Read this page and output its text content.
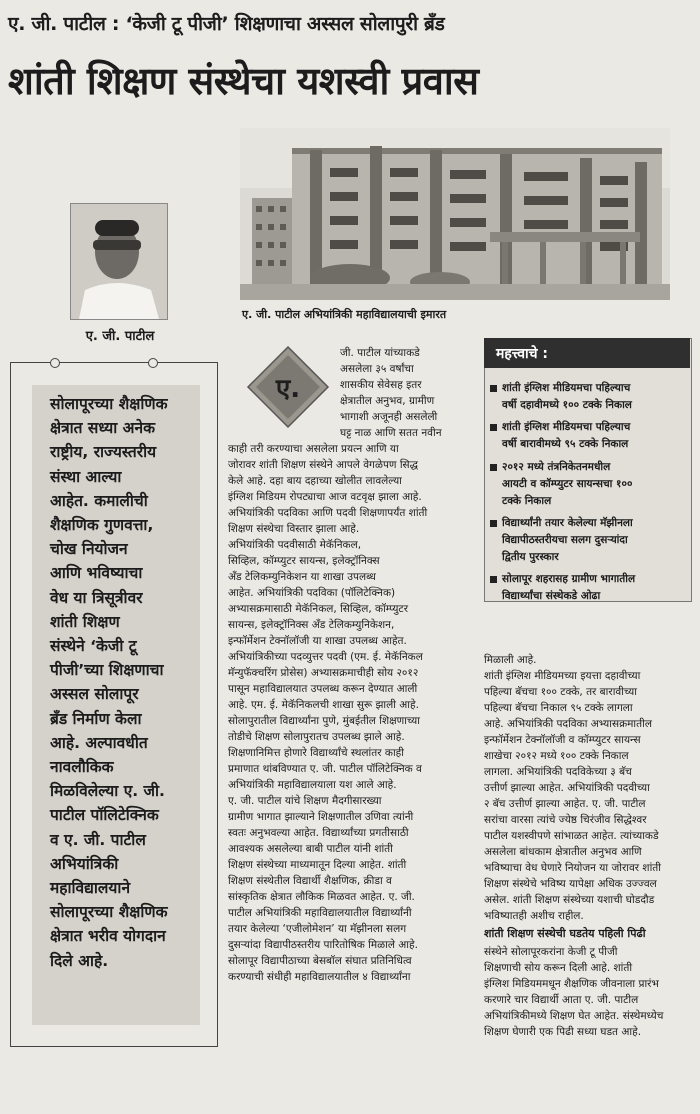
ए. जी. पाटील : ‘केजी टू पीजी’ शिक्षणाचा अस्सल सोलापुरी ब्रँड
शांती शिक्षण संस्थेचा यशस्वी प्रवास
ए. जी. पाटील अभियांत्रिकी महाविद्यालयाची इमारत
ए. जी. पाटील
सोलापूरच्या शैक्षणिक
क्षेत्रात सध्या अनेक
राष्ट्रीय, राज्यस्तरीय
संस्था आल्या
आहेत. कमालीची
शैक्षणिक गुणवत्ता,
चोख नियोजन
आणि भविष्याचा
वेध या त्रिसूत्रीवर
शांती शिक्षण
संस्थेने ‘केजी टू
पीजी’च्या शिक्षणाचा
अस्सल सोलापूर
ब्रँड निर्माण केला
आहे. अल्पावधीत
नावलौकिक
मिळविलेल्या ए. जी.
पाटील पॉलिटेक्निक
व ए. जी. पाटील
अभियांत्रिकी
महाविद्यालयाने
सोलापूरच्या शैक्षणिक
क्षेत्रात भरीव योगदान
दिले आहे.
ए.
जी. पाटील यांच्याकडे
असलेला ३५ वर्षांचा
शासकीय सेवेसह इतर
क्षेत्रातील अनुभव, ग्रामीण
भागाशी अजूनही असलेली
घट्ट नाळ आणि सतत नवीन
काही तरी करण्याचा असलेला प्रयत्न आणि या
जोरावर शांती शिक्षण संस्थेने आपले वेगळेपण सिद्ध
केले आहे. दहा बाय दहाच्या खोलीत लावलेल्या
इंग्लिश मिडियम रोपट्याचा आज वटवृक्ष झाला आहे.
अभियांत्रिकी पदविका आणि पदवी शिक्षणापर्यंत शांती
शिक्षण संस्थेचा विस्तार झाला आहे.
अभियांत्रिकी पदवीसाठी मेकॅनिकल,
सिव्हिल, कॉम्प्युटर सायन्स, इलेक्ट्रॉनिक्स
अँड टेलिकम्युनिकेशन या शाखा उपलब्ध
आहेत. अभियांत्रिकी पदविका (पॉलिटेक्निक)
अभ्यासक्रमासाठी मेकॅनिकल, सिव्हिल, कॉम्प्युटर
सायन्स, इलेक्ट्रॉनिक्स अँड टेलिकम्युनिकेशन,
इन्फॉर्मेशन टेक्नॉलॉजी या शाखा उपलब्ध आहेत.
अभियांत्रिकीच्या पदव्युत्तर पदवी (एम. ई. मेकॅनिकल
मॅन्युफॅक्चरिंग प्रोसेस) अभ्यासक्रमाचीही सोय २०१२
पासून महाविद्यालयात उपलब्ध करून देण्यात आली
आहे. एम. ई. मेकॅनिकलची शाखा सुरू झाली आहे.
सोलापुरातील विद्यार्थ्यांना पुणे, मुंबईतील शिक्षणाच्या
तोडीचे शिक्षण सोलापुरातच उपलब्ध झाले आहे.
शिक्षणानिमित्त होणारे विद्यार्थ्यांचे स्थलांतर काही
प्रमाणात थांबविण्यात ए. जी. पाटील पॉलिटेक्निक व
अभियांत्रिकी महाविद्यालयाला यश आले आहे.
ए. जी. पाटील यांचे शिक्षण मैदगीसारख्या
ग्रामीण भागात झाल्याने शिक्षणातील उणिवा त्यांनी
स्वतः अनुभवल्या आहेत. विद्यार्थ्यांच्या प्रगतीसाठी
आवश्यक असलेल्या बाबी पाटील यांनी शांती
शिक्षण संस्थेच्या माध्यमातून दिल्या आहेत. शांती
शिक्षण संस्थेतील विद्यार्थी शैक्षणिक, क्रीडा व
सांस्कृतिक क्षेत्रात लौकिक मिळवत आहेत. ए. जी.
पाटील अभियांत्रिकी महाविद्यालयातील विद्यार्थ्यांनी
तयार केलेल्या ‘एजीलोमेशन’ या मॅझीनला सलग
दुसऱ्यांदा विद्यापीठस्तरीय पारितोषिक मिळाले आहे.
सोलापूर विद्यापीठाच्या बेसबॉल संघात प्रतिनिधित्व
करण्याची संधीही महाविद्यालयातील ४ विद्यार्थ्यांना
महत्त्वाचे :
शांती इंग्लिश मीडियमचा पहिल्याच
वर्षी दहावीमध्ये १०० टक्के निकाल
शांती इंग्लिश मीडियमचा पहिल्याच
वर्षी बारावीमध्ये ९५ टक्के निकाल
२०१२ मध्ये तंत्रनिकेतनमधील
आयटी व कॉम्प्युटर सायन्सचा १००
टक्के निकाल
विद्यार्थ्यांनी तयार केलेल्या मॅझीनला
विद्यापीठस्तरीयचा सलग दुसऱ्यांदा
द्वितीय पुरस्कार
सोलापूर शहरासह ग्रामीण भागातील
विद्यार्थ्यांचा संस्थेकडे ओढा
मिळाली आहे.
शांती इंग्लिश मीडियमच्या इयत्ता दहावीच्या
पहिल्या बॅचचा १०० टक्के, तर बारावीच्या
पहिल्या बॅचचा निकाल ९५ टक्के लागला
आहे. अभियांत्रिकी पदविका अभ्यासक्रमातील
इन्फॉर्मेशन टेक्नॉलॉजी व कॉम्प्युटर सायन्स
शाखेचा २०१२ मध्ये १०० टक्के निकाल
लागला. अभियांत्रिकी पदविकेच्या ३ बॅच
उत्तीर्ण झाल्या आहेत. अभियांत्रिकी पदवीच्या
२ बॅच उत्तीर्ण झाल्या आहेत. ए. जी. पाटील
सरांचा वारसा त्यांचे ज्येष्ठ चिरंजीव सिद्धेश्वर
पाटील यशस्वीपणे सांभाळत आहेत. त्यांच्याकडे
असलेला बांधकाम क्षेत्रातील अनुभव आणि
भविष्याचा वेध घेणारे नियोजन या जोरावर शांती
शिक्षण संस्थेचे भविष्य यापेक्षा अधिक उज्ज्वल
असेल. शांती शिक्षण संस्थेच्या यशाची घोडदौड
भविष्यातही अशीच राहील.
शांती शिक्षण संस्थेची घडतेय पहिली पिढी
संस्थेने सोलापूरकरांना केजी टू पीजी
शिक्षणाची सोय करून दिली आहे. शांती
इंग्लिश मिडियममधून शैक्षणिक जीवनाला प्रारंभ
करणारे चार विद्यार्थी आता ए. जी. पाटील
अभियांत्रिकीमध्ये शिक्षण घेत आहेत. संस्थेमध्येच
शिक्षण घेणारी एक पिढी सध्या घडत आहे.
